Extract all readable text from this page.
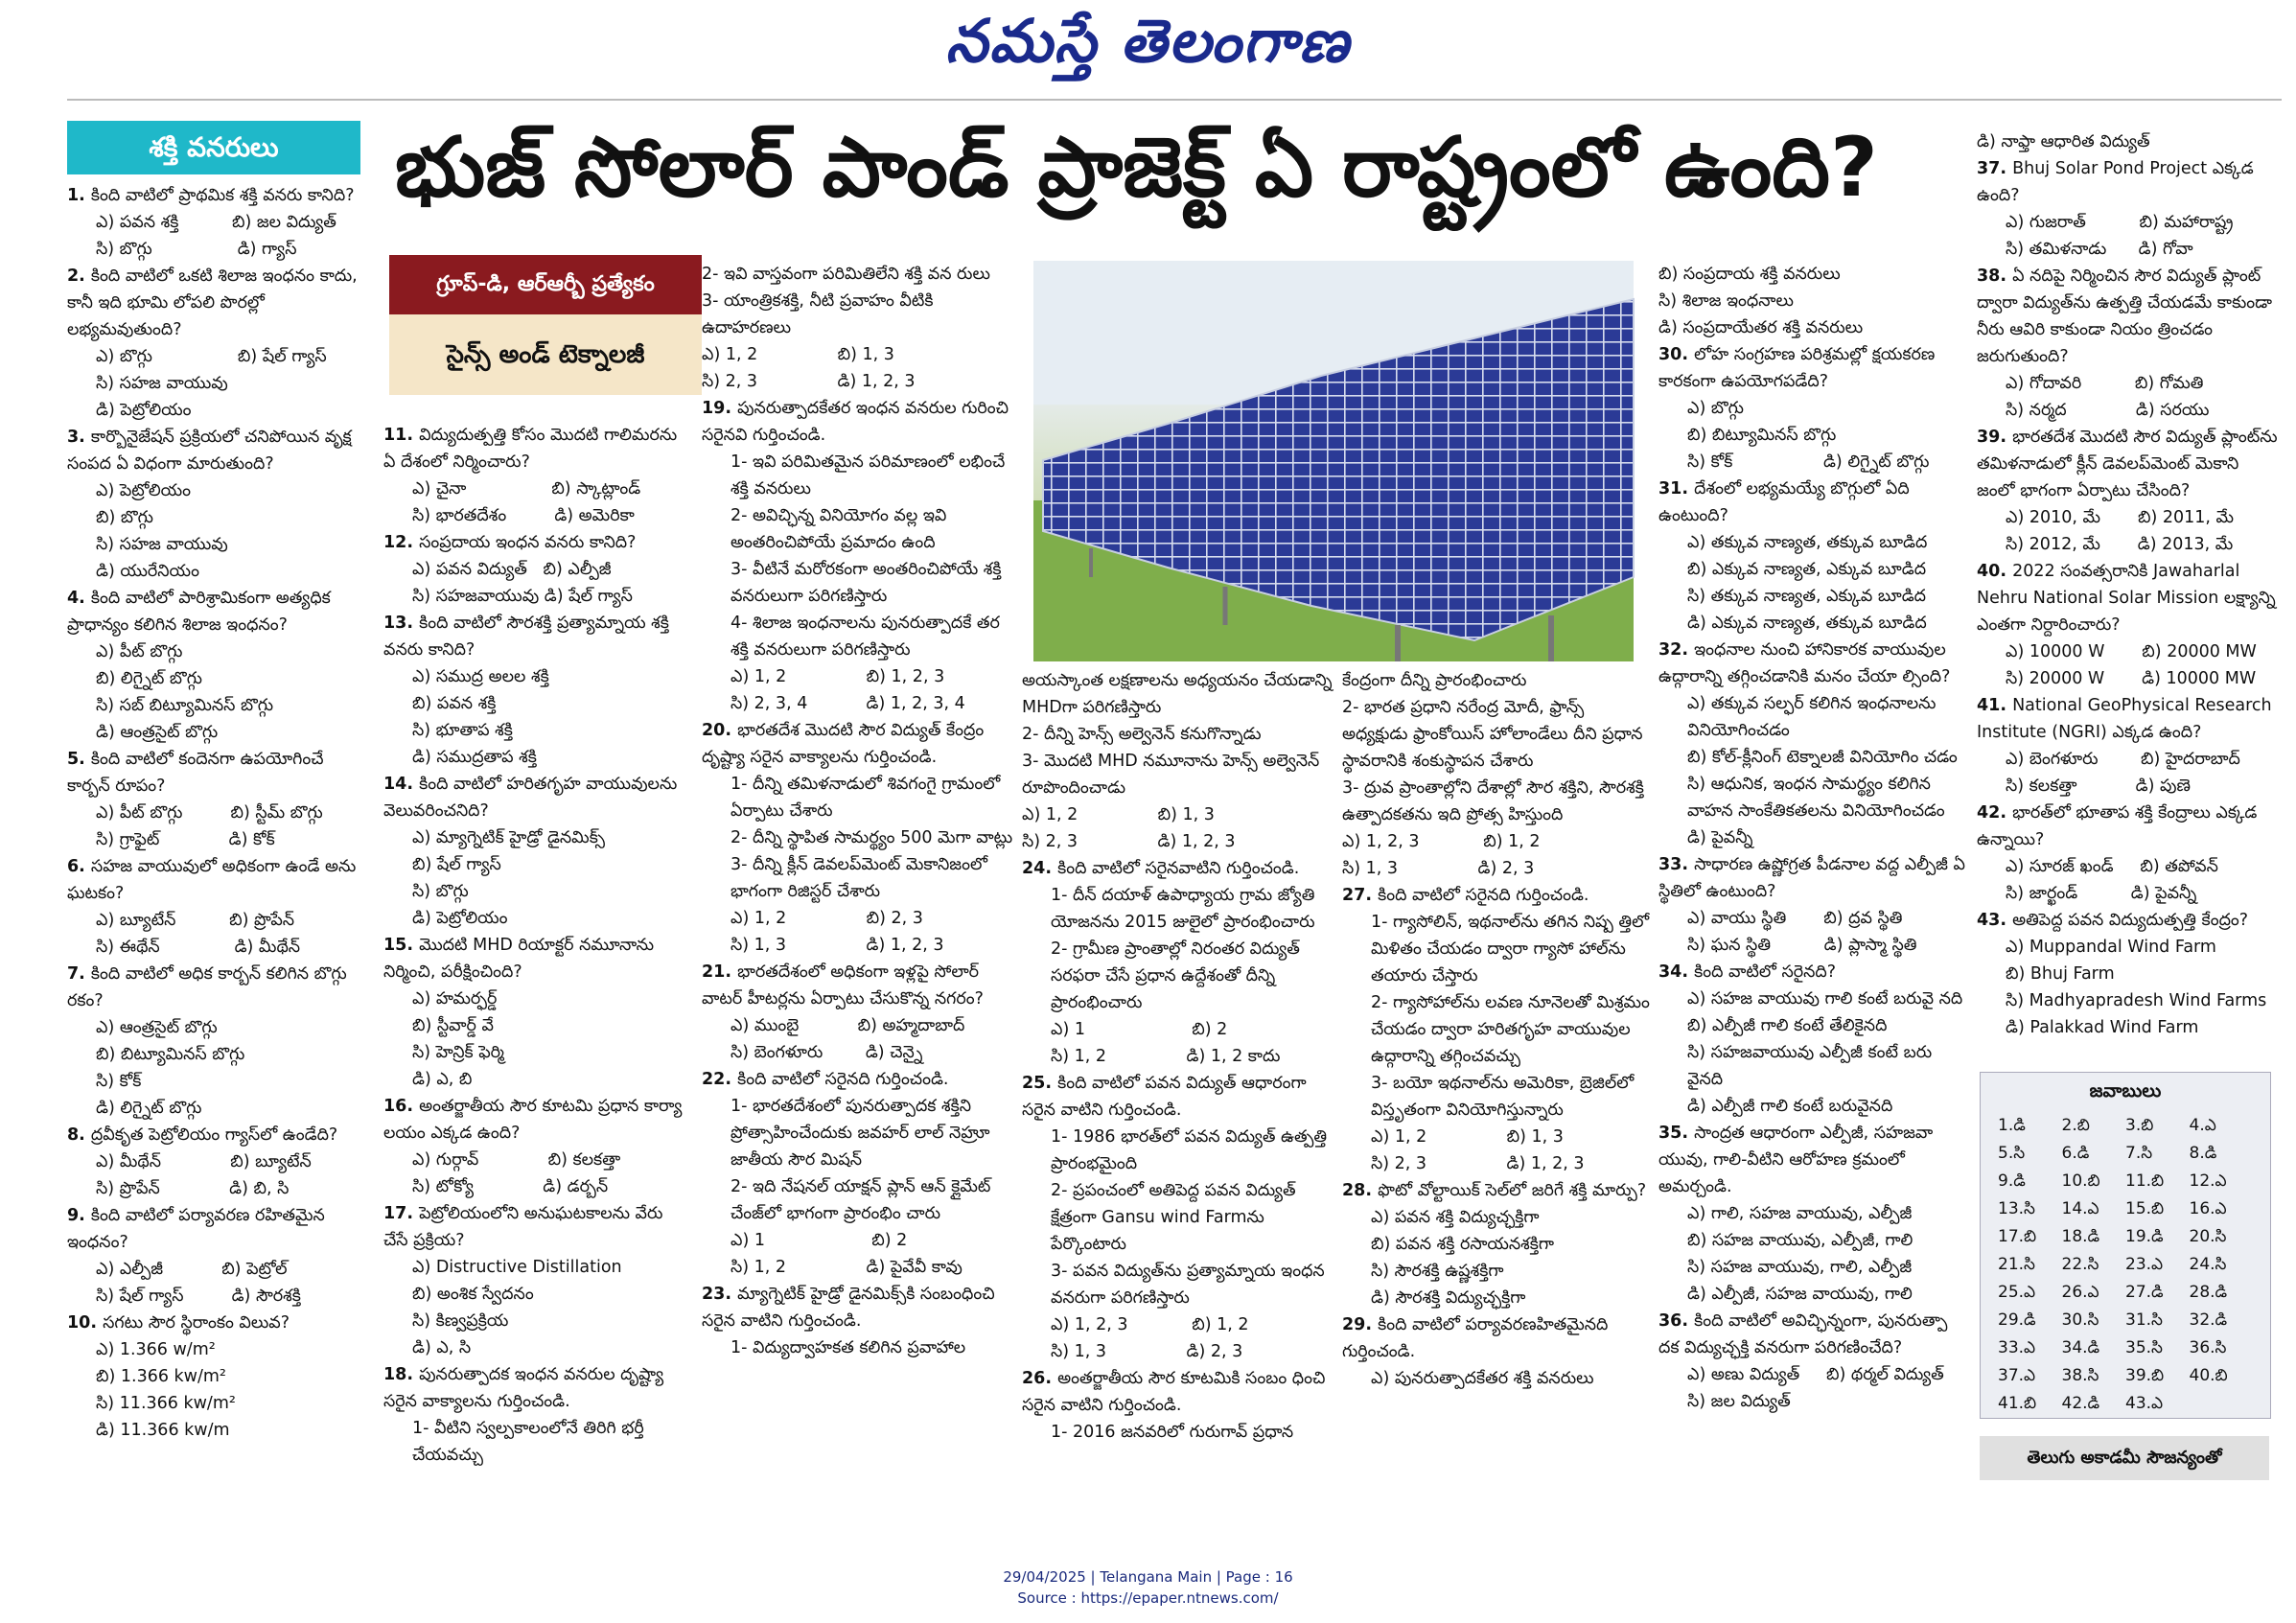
నమస్తే తెలంగాణ
శక్తి వనరులు	భుజ్ సోలార్ పాండ్ ప్రాజెక్ట్ ఏ రాష్ట్రంలో ఉంది?
గ్రూప్-డి, ఆర్ఆర్బీ ప్రత్యేకం
సైన్స్ అండ్ టెక్నాలజీ
1. కింది వాటిలో ప్రాథమిక శక్తి వనరు కానిది?
ఎ) పవన శక్తి          బి) జల విద్యుత్
సి) బొగ్గు                డి) గ్యాస్
2. కింది వాటిలో ఒకటి శిలాజ ఇంధనం కాదు, కానీ ఇది భూమి లోపలి పొరల్లో లభ్యమవుతుంది?
ఎ) బొగ్గు                బి) షేల్ గ్యాస్
సి) సహజ వాయువు
డి) పెట్రోలియం
3. కార్బొనైజేషన్ ప్రక్రియలో చనిపోయిన వృక్ష సంపద ఏ విధంగా మారుతుంది?
ఎ) పెట్రోలియం
బి) బొగ్గు
సి) సహజ వాయువు
డి) యురేనియం
4. కింది వాటిలో పారిశ్రామికంగా అత్యధిక ప్రాధాన్యం కలిగిన శిలాజ ఇంధనం?
ఎ) పీట్ బొగ్గు
బి) లిగ్నైట్ బొగ్గు
సి) సబ్ బిట్యూమినస్ బొగ్గు
డి) ఆంత్రసైట్ బొగ్గు
5. కింది వాటిలో కందెనగా ఉపయోగించే కార్బన్ రూపం?
ఎ) పీట్ బొగ్గు         బి) స్టీమ్ బొగ్గు
సి) గ్రాఫైట్             డి) కోక్
6. సహజ వాయువులో అధికంగా ఉండే అను ఘటకం?
ఎ) బ్యూటేన్          బి) ప్రొపేన్
సి) ఈథేన్              డి) మీథేన్
7. కింది వాటిలో అధిక కార్బన్ కలిగిన బొగ్గు రకం?
ఎ) ఆంత్రసైట్ బొగ్గు
బి) బిట్యూమినస్ బొగ్గు
సి) కోక్
డి) లిగ్నైట్ బొగ్గు
8. ద్రవీకృత పెట్రోలియం గ్యాస్‌లో ఉండేది?
ఎ) మీథేన్             బి) బ్యూటేన్
సి) ప్రొపేన్             డి) బి, సి
9. కింది వాటిలో పర్యావరణ రహితమైన ఇంధనం?
ఎ) ఎల్పీజీ           బి) పెట్రోల్
సి) షేల్ గ్యాస్         డి) సౌరశక్తి
10. సగటు సౌర స్థిరాంకం విలువ?
ఎ) 1.366 w/m²
బి) 1.366 kw/m²
సి) 11.366 kw/m²
డి) 11.366 kw/m
11. విద్యుదుత్పత్తి కోసం మొదటి గాలిమరను ఏ దేశంలో నిర్మించారు?
ఎ) చైనా                బి) స్కాట్లాండ్
సి) భారతదేశం         డి) అమెరికా
12. సంప్రదాయ ఇంధన వనరు కానిది?
ఎ) పవన విద్యుత్   బి) ఎల్పీజీ
సి) సహజవాయువు డి) షేల్ గ్యాస్
13. కింది వాటిలో సౌరశక్తి ప్రత్యామ్నాయ శక్తి వనరు కానిది?
ఎ) సముద్ర అలల శక్తి
బి) పవన శక్తి
సి) భూతాప శక్తి
డి) సముద్రతాప శక్తి
14. కింది వాటిలో హరితగృహ వాయువులను వెలువరించనిది?
ఎ) మ్యాగ్నెటిక్ హైడ్రో డైనమిక్స్
బి) షేల్ గ్యాస్
సి) బొగ్గు
డి) పెట్రోలియం
15. మొదటి MHD రియాక్టర్ నమూనాను నిర్మించి, పరీక్షించింది?
ఎ) హమర్ఫర్డ్
బి) స్టీవార్డ్ వే
సి) హెన్రిక్ ఫెర్మి
డి) ఎ, బి
16. అంతర్జాతీయ సౌర కూటమి ప్రధాన కార్యా లయం ఎక్కడ ఉంది?
ఎ) గుర్గావ్             బి) కలకత్తా
సి) టోక్యో             డి) డర్బన్
17. పెట్రోలియంలోని అనుఘటకాలను వేరు చేసే ప్రక్రియ?
ఎ) Distructive Distillation
బి) అంశిక స్వేదనం
సి) కిణ్వప్రక్రియ
డి) ఎ, సి
18. పునరుత్పాదక ఇంధన వనరుల దృష్ట్యా సరైన వాక్యాలను గుర్తించండి.
1- వీటిని స్వల్పకాలంలోనే తిరిగి భర్తీ చేయవచ్చు
2- ఇవి వాస్తవంగా పరిమితిలేని శక్తి వన రులు
3- యాంత్రికశక్తి, నీటి ప్రవాహం వీటికి ఉదాహరణలు
ఎ) 1, 2               బి) 1, 3
సి) 2, 3               డి) 1, 2, 3
19. పునరుత్పాదకేతర ఇంధన వనరుల గురించి సరైనవి గుర్తించండి.
1- ఇవి పరిమితమైన పరిమాణంలో లభించే శక్తి వనరులు
2- అవిచ్ఛిన్న వినియోగం వల్ల ఇవి అంతరించిపోయే ప్రమాదం ఉంది
3- వీటినే మరోరకంగా అంతరించిపోయే శక్తి వనరులుగా పరిగణిస్తారు
4- శిలాజ ఇంధనాలను పునరుత్పాదకే తర శక్తి వనరులుగా పరిగణిస్తారు
ఎ) 1, 2               బి) 1, 2, 3
సి) 2, 3, 4           డి) 1, 2, 3, 4
20. భారతదేశ మొదటి సౌర విద్యుత్ కేంద్రం దృష్ట్యా సరైన వాక్యాలను గుర్తించండి.
1- దీన్ని తమిళనాడులో శివగంగై గ్రామంలో ఏర్పాటు చేశారు
2- దీన్ని స్థాపిత సామర్థ్యం 500 మెగా వాట్లు
3- దీన్ని క్లీన్ డెవలప్‌మెంట్ మెకానిజంలో భాగంగా రిజిస్టర్ చేశారు
ఎ) 1, 2               బి) 2, 3
సి) 1, 3               డి) 1, 2, 3
21. భారతదేశంలో అధికంగా ఇళ్లపై సోలార్ వాటర్ హీటర్లను ఏర్పాటు చేసుకొన్న నగరం?
ఎ) ముంబై           బి) అహ్మదాబాద్
సి) బెంగళూరు        డి) చెన్నై
22. కింది వాటిలో సరైనది గుర్తించండి.
1- భారతదేశంలో పునరుత్పాదక శక్తిని ప్రోత్సాహించేందుకు జవహర్ లాల్ నెహ్రూ జాతీయ సౌర మిషన్
2- ఇది నేషనల్ యాక్షన్ ప్లాన్ ఆన్ క్లైమేట్ చేంజ్‌లో భాగంగా ప్రారంభిం చారు
ఎ) 1                    బి) 2
సి) 1, 2               డి) పైవేవీ కావు
23. మ్యాగ్నెటిక్ హైడ్రో డైనమిక్స్‌కి సంబంధించి సరైన వాటిని గుర్తించండి.
1- విద్యుద్వాహకత కలిగిన ప్రవాహాల
అయస్కాంత లక్షణాలను అధ్యయనం చేయడాన్ని MHDగా పరిగణిస్తారు
2- దీన్ని హెన్స్ అల్వెనెన్ కనుగొన్నాడు
3- మొదటి MHD నమూనాను హెన్స్ అల్వెనెన్ రూపొందించాడు
ఎ) 1, 2               బి) 1, 3
సి) 2, 3               డి) 1, 2, 3
24. కింది వాటిలో సరైనవాటిని గుర్తించండి.
1- దీన్ దయాళ్ ఉపాధ్యాయ గ్రామ జ్యోతి యోజనను 2015 జులైలో ప్రారంభించారు
2- గ్రామీణ ప్రాంతాల్లో నిరంతర విద్యుత్ సరఫరా చేసే ప్రధాన ఉద్దేశంతో దీన్ని ప్రారంభించారు
ఎ) 1                    బి) 2
సి) 1, 2               డి) 1, 2 కాదు
25. కింది వాటిలో పవన విద్యుత్ ఆధారంగా సరైన వాటిని గుర్తించండి.
1- 1986 భారత్‌లో పవన విద్యుత్ ఉత్పత్తి ప్రారంభమైంది
2- ప్రపంచంలో అతిపెద్ద పవన విద్యుత్ క్షేత్రంగా Gansu wind Farmను పేర్కొంటారు
3- పవన విద్యుత్‌ను ప్రత్యామ్నాయ ఇంధన వనరుగా పరిగణిస్తారు
ఎ) 1, 2, 3            బి) 1, 2
సి) 1, 3               డి) 2, 3
26. అంతర్జాతీయ సౌర కూటమికి సంబం ధించి సరైన వాటిని గుర్తించండి.
1- 2016 జనవరిలో గురుగావ్ ప్రధాన
కేంద్రంగా దీన్ని ప్రారంభించారు
2- భారత ప్రధాని నరేంద్ర మోదీ, ఫ్రాన్స్ అధ్యక్షుడు ఫ్రాంకోయిస్ హోలాండేలు దీని ప్రధాన స్థావరానికి శంకుస్థాపన చేశారు
3- ద్రువ ప్రాంతాల్లోని దేశాల్లో సౌర శక్తిని, సౌరశక్తి ఉత్పాదకతను ఇది ప్రోత్స హిస్తుంది
ఎ) 1, 2, 3            బి) 1, 2
సి) 1, 3               డి) 2, 3
27. కింది వాటిలో సరైనది గుర్తించండి.
1- గ్యాసోలిన్, ఇథనాల్‌ను తగిన నిష్ప త్తిలో మిళితం చేయడం ద్వారా గ్యాసో హాల్‌ను తయారు చేస్తారు
2- గ్యాసోహాల్‌ను లవణ నూనెలతో మిశ్రమం చేయడం ద్వారా హరితగృహ వాయువుల ఉద్గారాన్ని తగ్గించవచ్చు
3- బయో ఇథనాల్‌ను అమెరికా, బ్రెజిల్‌లో విస్తృతంగా వినియోగిస్తున్నారు
ఎ) 1, 2               బి) 1, 3
సి) 2, 3               డి) 1, 2, 3
28. ఫొటో వోల్టాయిక్ సెల్‌లో జరిగే శక్తి మార్పు?
ఎ) పవన శక్తి విద్యుచ్ఛక్తిగా
బి) పవన శక్తి రసాయనశక్తిగా
సి) సౌరశక్తి ఉష్ణశక్తిగా
డి) సౌరశక్తి విద్యుచ్ఛక్తిగా
29. కింది వాటిలో పర్యావరణహితమైనది గుర్తించండి.
ఎ) పునరుత్పాదకేతర శక్తి వనరులు
బి) సంప్రదాయ శక్తి వనరులు
సి) శిలాజ ఇంధనాలు
డి) సంప్రదాయేతర శక్తి వనరులు
30. లోహ సంగ్రహణ పరిశ్రమల్లో క్షయకరణ కారకంగా ఉపయోగపడేది?
ఎ) బొగ్గు
బి) బిట్యూమినస్ బొగ్గు
సి) కోక్                 డి) లిగ్నైట్ బొగ్గు
31. దేశంలో లభ్యమయ్యే బొగ్గులో ఏది ఉంటుంది?
ఎ) తక్కువ నాణ్యత, తక్కువ బూడిద
బి) ఎక్కువ నాణ్యత, ఎక్కువ బూడిద
సి) తక్కువ నాణ్యత, ఎక్కువ బూడిద
డి) ఎక్కువ నాణ్యత, తక్కువ బూడిద
32. ఇంధనాల నుంచి హానికారక వాయువుల ఉద్గారాన్ని తగ్గించడానికి మనం చేయా ల్సింది?
ఎ) తక్కువ సల్ఫర్ కలిగిన ఇంధనాలను వినియోగించడం
బి) కోల్-క్లీనింగ్ టెక్నాలజీ వినియోగిం చడం
సి) ఆధునిక, ఇంధన సామర్థ్యం కలిగిన వాహన సాంకేతికతలను వినియోగించడం
డి) పైవన్నీ
33. సాధారణ ఉష్ణోగ్రత పీడనాల వద్ద ఎల్పీజీ ఏ స్థితిలో ఉంటుంది?
ఎ) వాయు స్థితి       బి) ద్రవ స్థితి
సి) ఘన స్థితి          డి) ప్లాస్మా స్థితి
34. కింది వాటిలో సరైనది?
ఎ) సహజ వాయువు గాలి కంటే బరువై నది
బి) ఎల్పీజీ గాలి కంటే తేలికైనది
సి) సహజవాయువు ఎల్పీజీ కంటే బరు వైనది
డి) ఎల్పీజీ గాలి కంటే బరువైనది
35. సాంద్రత ఆధారంగా ఎల్పీజీ, సహజవా యువు, గాలి-వీటిని ఆరోహణ క్రమంలో అమర్చండి.
ఎ) గాలి, సహజ వాయువు, ఎల్పీజీ
బి) సహజ వాయువు, ఎల్పీజీ, గాలి
సి) సహజ వాయువు, గాలి, ఎల్పీజీ
డి) ఎల్పీజీ, సహజ వాయువు, గాలి
36. కింది వాటిలో అవిచ్ఛిన్నంగా, పునరుత్పా దక విద్యుచ్ఛక్తి వనరుగా పరిగణించేది?
ఎ) అణు విద్యుత్     బి) థర్మల్ విద్యుత్
సి) జల విద్యుత్
డి) నాఫ్తా ఆధారిత విద్యుత్
37. Bhuj Solar Pond Project ఎక్కడ ఉంది?
ఎ) గుజరాత్          బి) మహారాష్ట్ర
సి) తమిళనాడు      డి) గోవా
38. ఏ నదిపై నిర్మించిన సౌర విద్యుత్ ప్లాంట్ ద్వారా విద్యుత్‌ను ఉత్పత్తి చేయడమే కాకుండా నీరు ఆవిరి కాకుండా నియం త్రించడం జరుగుతుంది?
ఎ) గోదావరి          బి) గోమతి
సి) నర్మద             డి) సరయు
39. భారతదేశ మొదటి సౌర విద్యుత్ ప్లాంట్‌ను తమిళనాడులో క్లీన్ డెవలప్‌మెంట్ మెకాని జంలో భాగంగా ఏర్పాటు చేసింది?
ఎ) 2010, మే       బి) 2011, మే
సి) 2012, మే       డి) 2013, మే
40. 2022 సంవత్సరానికి Jawaharlal Nehru National Solar Mission లక్ష్యాన్ని ఎంతగా నిర్దారించారు?
ఎ) 10000 W       బి) 20000 MW
సి) 20000 W       డి) 10000 MW
41. National GeoPhysical Research Institute (NGRI) ఎక్కడ ఉంది?
ఎ) బెంగళూరు        బి) హైదరాబాద్
సి) కలకత్తా           డి) పుణె
42. భారత్‌లో భూతాప శక్తి కేంద్రాలు ఎక్కడ ఉన్నాయి?
ఎ) సూరజ్ ఖండ్     బి) తపోవన్
సి) జార్ఖండ్          డి) పైవన్నీ
43. అతిపెద్ద పవన విద్యుదుత్పత్తి కేంద్రం?
ఎ) Muppandal Wind Farm
బి) Bhuj Farm
సి) Madhyapradesh Wind Farms
డి) Palakkad Wind Farm
జవాబులు
1.డి	2.బి	3.బి	4.ఎ
5.సి	6.డి	7.సి	8.డి
9.డి	10.బి	11.బి	12.ఎ
13.సి	14.ఎ	15.బి	16.ఎ
17.బి	18.డి	19.డి	20.సి
21.సి	22.సి	23.ఎ	24.సి
25.ఎ	26.ఎ	27.డి	28.డి
29.డి	30.సి	31.సి	32.డి
33.ఎ	34.డి	35.సి	36.సి
37.ఎ	38.సి	39.బి	40.బి
41.బి	42.డి	43.ఎ
తెలుగు అకాడమీ సౌజన్యంతో
29/04/2025 | Telangana Main | Page : 16
Source : https://epaper.ntnews.com/
